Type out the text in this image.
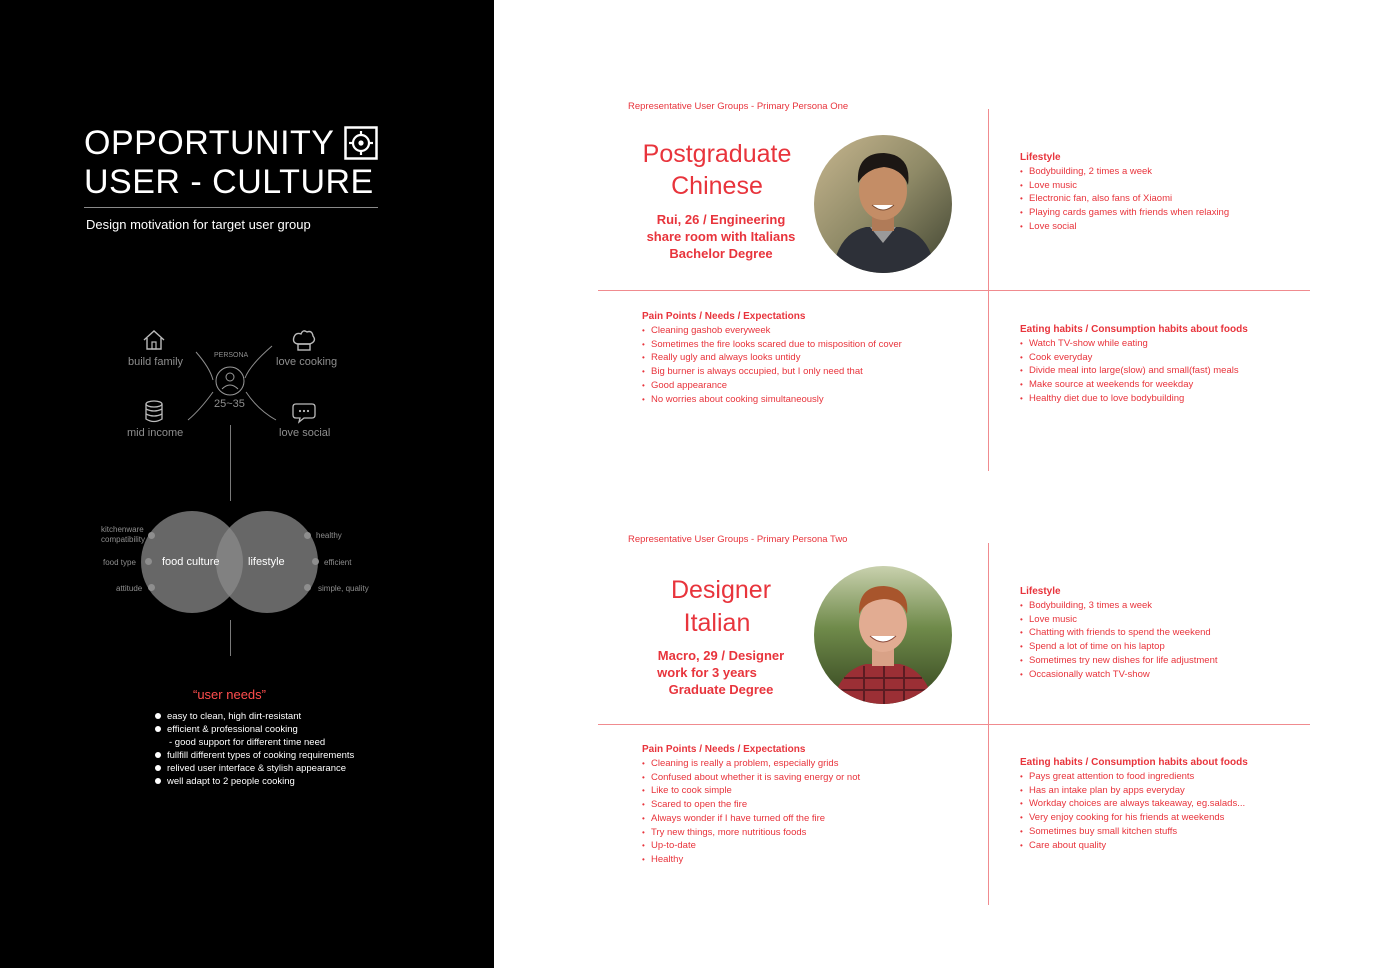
OPPORTUNITY
USER - CULTURE
Design motivation for target user group
PERSONA
25~35
build family	love cooking
mid income	love social
food culture	lifestyle
kitchenware
compatibility
food type
attitude
healthy
efficient
simple, quality
“user needs”
easy to clean, high dirt-resistant
efficient & professional cooking
- good support for different time need
fullfill different types of cooking requirements
relived user interface & stylish appearance
well adapt to 2 people cooking
Representative User Groups - Primary Persona One
Postgraduate
Chinese
Rui, 26 / Engineering
share room with Italians
Bachelor Degree
Lifestyle
• Bodybuilding, 2 times a week
• Love music
• Electronic fan, also fans of Xiaomi
• Playing cards games with friends when relaxing
• Love social
Pain Points / Needs / Expectations
• Cleaning gashob everyweek
• Sometimes the fire looks scared due to misposition of cover
• Really ugly and always looks untidy
• Big burner is always occupied, but I only need that
• Good appearance
• No worries about cooking simultaneously
Eating habits / Consumption habits about foods
• Watch TV-show while eating
• Cook everyday
• Divide meal into large(slow) and small(fast) meals
• Make source at weekends for weekday
• Healthy diet due to love bodybuilding
Representative User Groups - Primary Persona Two
Designer
Italian
Macro, 29 / Designer
work for 3 years
Graduate Degree
Lifestyle
• Bodybuilding, 3 times a week
• Love music
• Chatting with friends to spend the weekend
• Spend a lot of time on his laptop
• Sometimes try new dishes for life adjustment
• Occasionally watch TV-show
Pain Points / Needs / Expectations
• Cleaning is really a problem, especially grids
• Confused about whether it is saving energy or not
• Like to cook simple
• Scared to open the fire
• Always wonder if I have turned off the fire
• Try new things, more nutritious foods
• Up-to-date
• Healthy
Eating habits / Consumption habits about foods
• Pays great attention to food ingredients
• Has an intake plan by apps everyday
• Workday choices are always takeaway, eg.salads...
• Very enjoy cooking for his friends at weekends
• Sometimes buy small kitchen stuffs
• Care about quality
